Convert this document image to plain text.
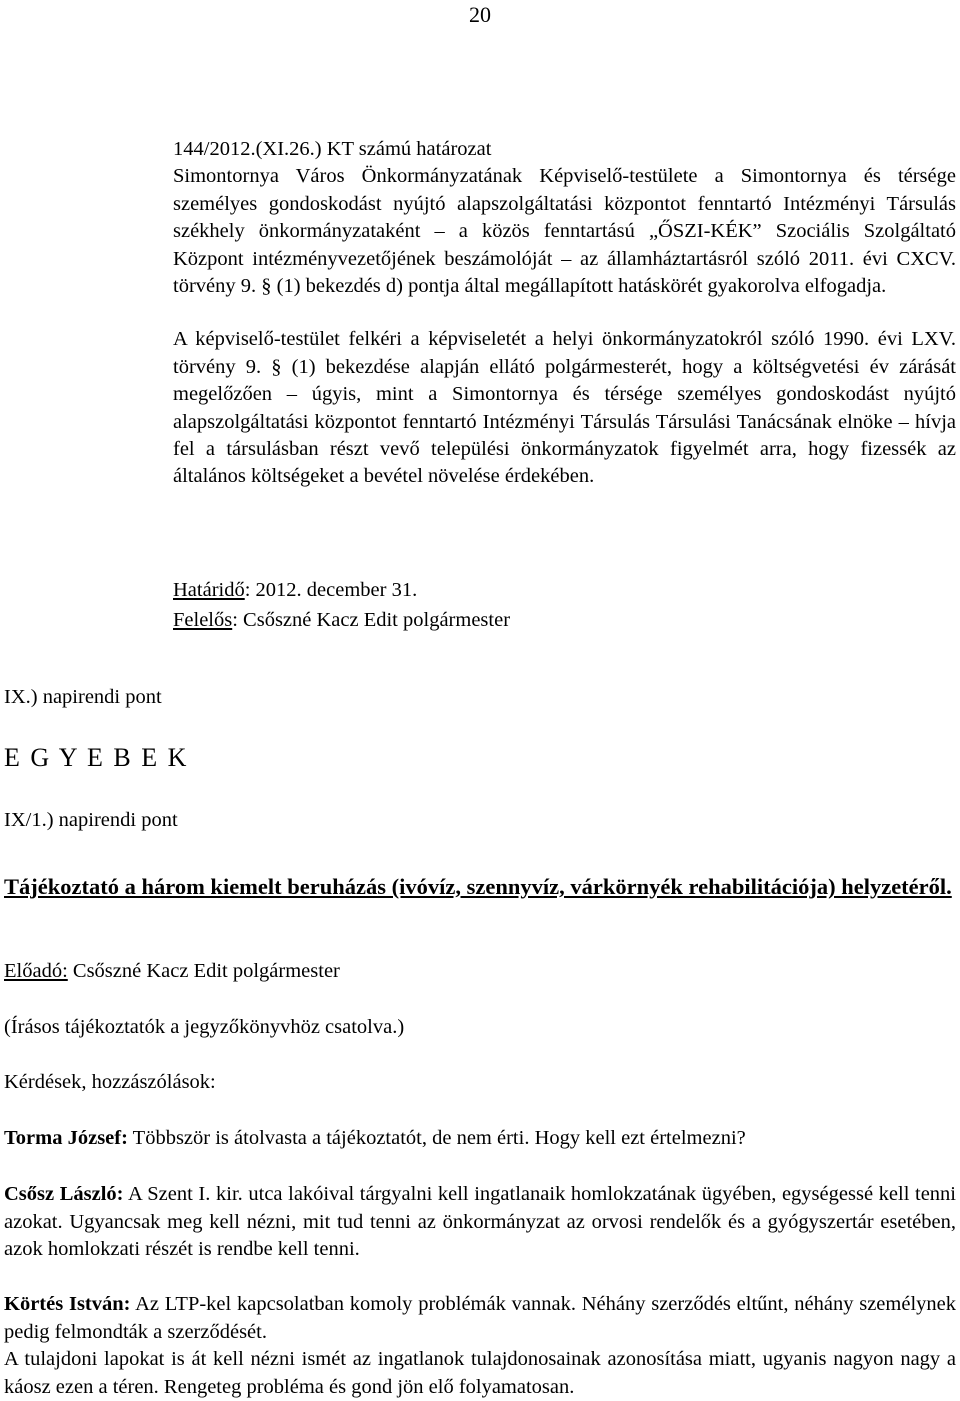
20

144/2012.(XI.26.) KT számú határozat

Simontornya Város Önkormányzatának Képviselő-testülete a Simontornya és térsége személyes gondoskodást nyújtó alapszolgáltatási központot fenntartó Intézményi Társulás székhely önkormányzataként – a közös fenntartású „ŐSZI-KÉK” Szociális Szolgáltató Központ intézményvezetőjének beszámolóját – az államháztartásról szóló 2011. évi CXCV. törvény 9. § (1) bekezdés d) pontja által megállapított hatáskörét gyakorolva elfogadja.

A képviselő-testület felkéri a képviseletét a helyi önkormányzatokról szóló 1990. évi LXV. törvény 9. § (1) bekezdése alapján ellátó polgármesterét, hogy a költségvetési év zárását megelőzően – úgyis, mint a Simontornya és térsége személyes gondoskodást nyújtó alapszolgáltatási központot fenntartó Intézményi Társulás Társulási Tanácsának elnöke – hívja fel a társulásban részt vevő települési önkormányzatok figyelmét arra, hogy fizessék az általános költségeket a bevétel növelése érdekében.

Határidő: 2012. december 31.
Felelős: Csőszné Kacz Edit polgármester
IX.) napirendi pont
E G Y E B E K
IX/1.) napirendi pont
Tájékoztató a három kiemelt beruházás (ivóvíz, szennyvíz, várkörnyék rehabilitációja) helyzetéről.
Előadó: Csőszné Kacz Edit polgármester
(Írásos tájékoztatók a jegyzőkönyvhöz csatolva.)
Kérdések, hozzászólások:
Torma József: Többször is átolvasta a tájékoztatót, de nem érti. Hogy kell ezt értelmezni?
Csősz László: A Szent I. kir. utca lakóival tárgyalni kell ingatlanaik homlokzatának ügyében, egységessé kell tenni azokat. Ugyancsak meg kell nézni, mit tud tenni az önkormányzat az orvosi rendelők és a gyógyszertár esetében, azok homlokzati részét is rendbe kell tenni.
Körtés István: Az LTP-kel kapcsolatban komoly problémák vannak. Néhány szerződés eltűnt, néhány személynek pedig felmondták a szerződését.
A tulajdoni lapokat is át kell nézni ismét az ingatlanok tulajdonosainak azonosítása miatt, ugyanis nagyon nagy a káosz ezen a téren. Rengeteg probléma és gond jön elő folyamatosan.
